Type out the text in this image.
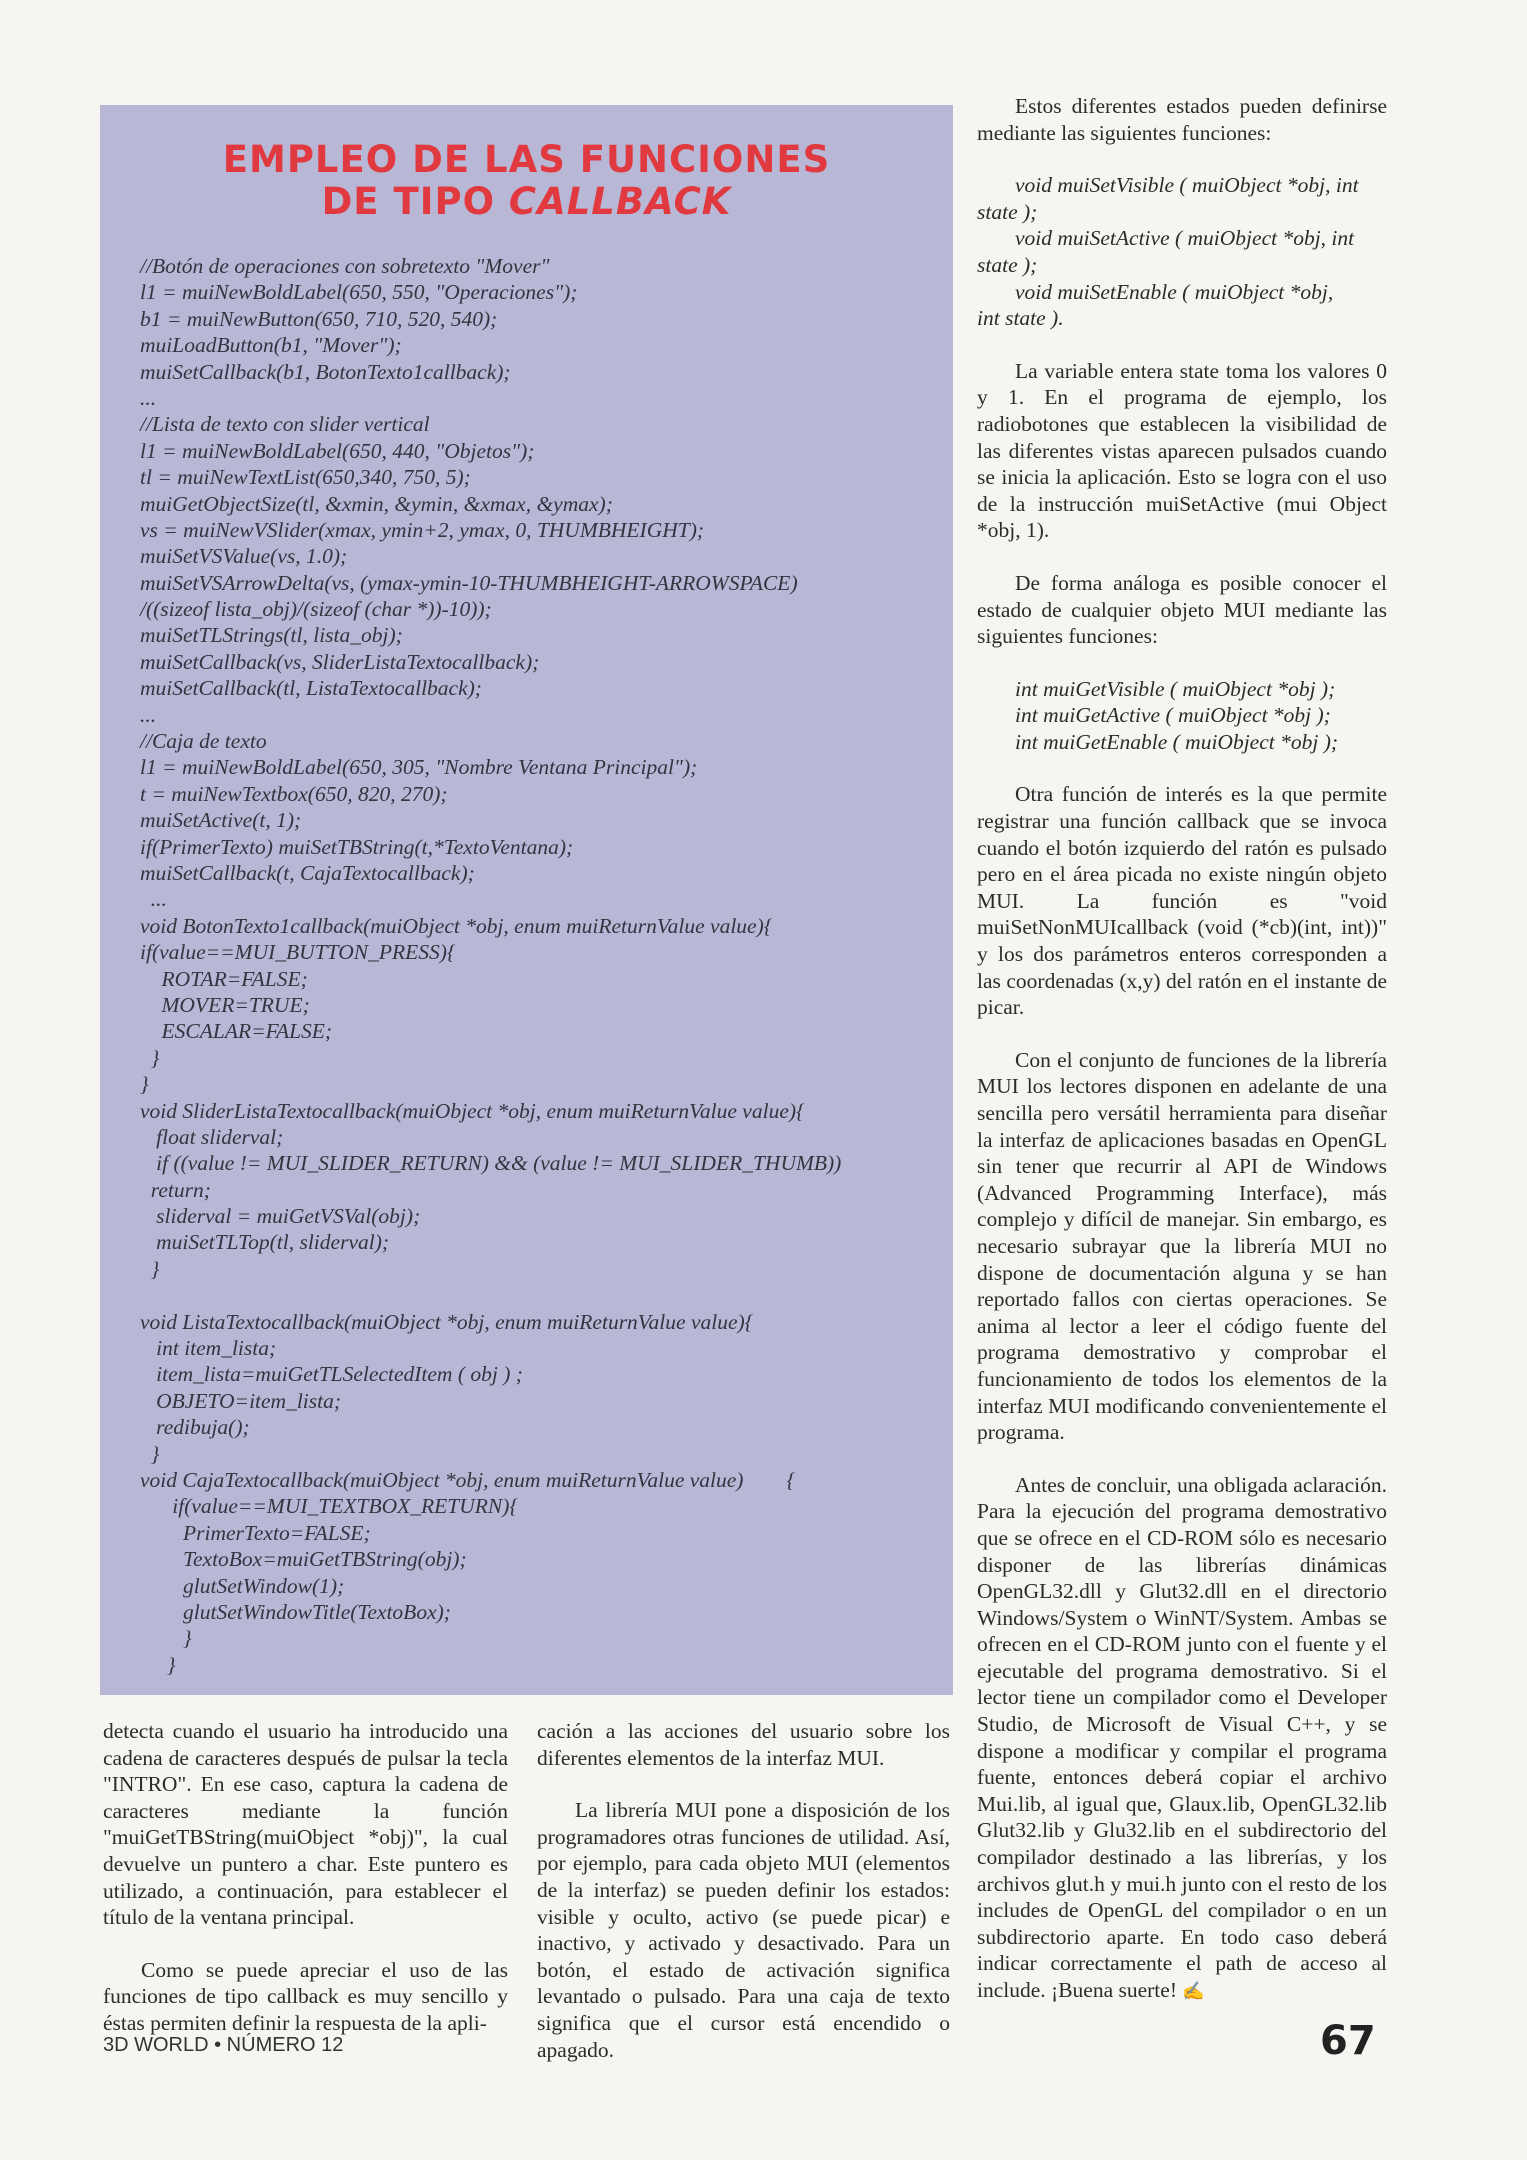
EMPLEO DE LAS FUNCIONES
DE TIPO CALLBACK
//Botón de operaciones con sobretexto "Mover"
l1 = muiNewBoldLabel(650, 550, "Operaciones");
b1 = muiNewButton(650, 710, 520, 540);
muiLoadButton(b1, "Mover");
muiSetCallback(b1, BotonTexto1callback);
...
//Lista de texto con slider vertical
l1 = muiNewBoldLabel(650, 440, "Objetos");
tl = muiNewTextList(650,340, 750, 5);
muiGetObjectSize(tl, &xmin, &ymin, &xmax, &ymax);
vs = muiNewVSlider(xmax, ymin+2, ymax, 0, THUMBHEIGHT);
muiSetVSValue(vs, 1.0);
muiSetVSArrowDelta(vs, (ymax-ymin-10-THUMBHEIGHT-ARROWSPACE)
/((sizeof lista_obj)/(sizeof (char *))-10));
muiSetTLStrings(tl, lista_obj);
muiSetCallback(vs, SliderListaTextocallback);
muiSetCallback(tl, ListaTextocallback);
...
//Caja de texto
l1 = muiNewBoldLabel(650, 305, "Nombre Ventana Principal");
t = muiNewTextbox(650, 820, 270);
muiSetActive(t, 1);
if(PrimerTexto) muiSetTBString(t,*TextoVentana);
muiSetCallback(t, CajaTextocallback);
...
void BotonTexto1callback(muiObject *obj, enum muiReturnValue value){
if(value==MUI_BUTTON_PRESS){
ROTAR=FALSE;
MOVER=TRUE;
ESCALAR=FALSE;
}
}
void SliderListaTextocallback(muiObject *obj, enum muiReturnValue value){
float sliderval;
if ((value != MUI_SLIDER_RETURN) && (value != MUI_SLIDER_THUMB))
return;
sliderval = muiGetVSVal(obj);
muiSetTLTop(tl, sliderval);
}
void ListaTextocallback(muiObject *obj, enum muiReturnValue value){
int item_lista;
item_lista=muiGetTLSelectedItem ( obj ) ;
OBJETO=item_lista;
redibuja();
}
void CajaTextocallback(muiObject *obj, enum muiReturnValue value)        {
if(value==MUI_TEXTBOX_RETURN){
PrimerTexto=FALSE;
TextoBox=muiGetTBString(obj);
glutSetWindow(1);
glutSetWindowTitle(TextoBox);
}
}

detecta cuando el usuario ha introducido una cadena de caracteres después de pulsar la tecla "INTRO". En ese caso, captura la cadena de caracteres mediante la función "muiGetTBString(muiObject *obj)", la cual devuelve un puntero a char. Este puntero es utilizado, a continuación, para establecer el título de la ventana principal.

Como se puede apreciar el uso de las funciones de tipo callback es muy sencillo y éstas permiten definir la respuesta de la apli-

cación a las acciones del usuario sobre los diferentes elementos de la interfaz MUI.

La librería MUI pone a disposición de los programadores otras funciones de utilidad. Así, por ejemplo, para cada objeto MUI (elementos de la interfaz) se pueden definir los estados: visible y oculto, activo (se puede picar) e inactivo, y activado y desactivado. Para un botón, el estado de activación significa levantado o pulsado. Para una caja de texto significa que el cursor está encendido o apagado.

Estos diferentes estados pueden definirse mediante las siguientes funciones:

void muiSetVisible ( muiObject *obj, int
state );
void muiSetActive ( muiObject *obj, int
state );
void muiSetEnable ( muiObject *obj,
int state ).

La variable entera state toma los valores 0 y 1. En el programa de ejemplo, los radiobotones que establecen la visibilidad de las diferentes vistas aparecen pulsados cuando se inicia la aplicación. Esto se logra con el uso de la instrucción muiSetActive (mui Object *obj, 1).

De forma análoga es posible conocer el estado de cualquier objeto MUI mediante las siguientes funciones:

int muiGetVisible ( muiObject *obj );
int muiGetActive ( muiObject *obj );
int muiGetEnable ( muiObject *obj );

Otra función de interés es la que permite registrar una función callback que se invoca cuando el botón izquierdo del ratón es pulsado pero en el área picada no existe ningún objeto MUI. La función es "void muiSetNonMUIcallback (void (*cb)(int, int))" y los dos parámetros enteros corresponden a las coordenadas (x,y) del ratón en el instante de picar.

Con el conjunto de funciones de la librería MUI los lectores disponen en adelante de una sencilla pero versátil herramienta para diseñar la interfaz de aplicaciones basadas en OpenGL sin tener que recurrir al API de Windows (Advanced Programming Interface), más complejo y difícil de manejar. Sin embargo, es necesario subrayar que la librería MUI no dispone de documentación alguna y se han reportado fallos con ciertas operaciones. Se anima al lector a leer el código fuente del programa demostrativo y comprobar el funcionamiento de todos los elementos de la interfaz MUI modificando convenientemente el programa.

Antes de concluir, una obligada aclaración. Para la ejecución del programa demostrativo que se ofrece en el CD-ROM sólo es necesario disponer de las librerías dinámicas OpenGL32.dll y Glut32.dll en el directorio Windows/System o WinNT/System. Ambas se ofrecen en el CD-ROM junto con el fuente y el ejecutable del programa demostrativo. Si el lector tiene un compilador como el Developer Studio, de Microsoft de Visual C++, y se dispone a modificar y compilar el programa fuente, entonces deberá copiar el archivo Mui.lib, al igual que, Glaux.lib, OpenGL32.lib Glut32.lib y Glu32.lib en el subdirectorio del compilador destinado a las librerías, y los archivos glut.h y mui.h junto con el resto de los includes de OpenGL del compilador o en un subdirectorio aparte. En todo caso deberá indicar correctamente el path de acceso al include. ¡Buena suerte! ✍

3D WORLD • NÚMERO 12	67
